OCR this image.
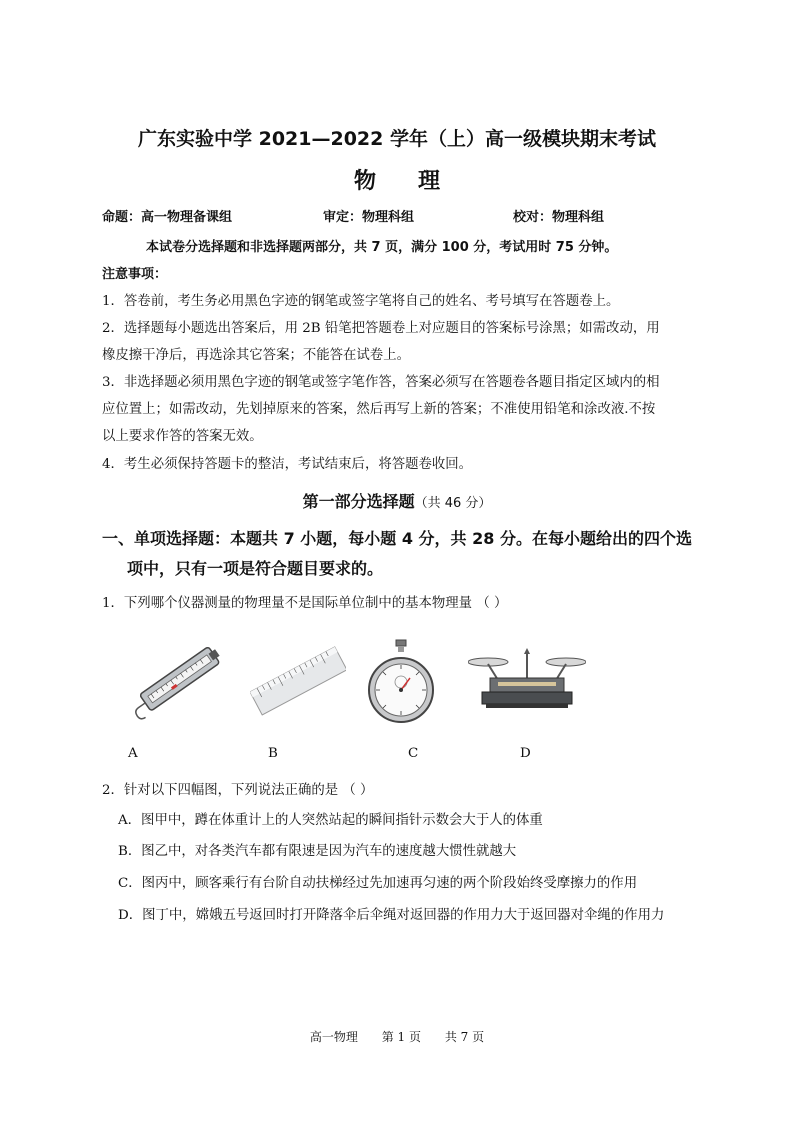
广东实验中学 2021—2022 学年（上）高一级模块期末考试
物理
命题：高一物理备课组	审定：物理科组	校对：物理科组
本试卷分选择题和非选择题两部分，共 7 页，满分 100 分，考试用时 75 分钟。
注意事项：
1．答卷前，考生务必用黑色字迹的钢笔或签字笔将自己的姓名、考号填写在答题卷上。
2．选择题每小题选出答案后，用 2B 铅笔把答题卷上对应题目的答案标号涂黑；如需改动，用
橡皮擦干净后，再选涂其它答案；不能答在试卷上。
3．非选择题必须用黑色字迹的钢笔或签字笔作答，答案必须写在答题卷各题目指定区域内的相
应位置上；如需改动，先划掉原来的答案，然后再写上新的答案；不准使用铅笔和涂改液.不按
以上要求作答的答案无效。
4．考生必须保持答题卡的整洁，考试结束后，将答题卷收回。
第一部分选择题（共 46 分）
一、单项选择题：本题共 7 小题，每小题 4 分，共 28 分。在每小题给出的四个选
项中，只有一项是符合题目要求的。
1．下列哪个仪器测量的物理量不是国际单位制中的基本物理量 （ ）
A	B	C	D
2．针对以下四幅图，下列说法正确的是 （ ）
A．图甲中，蹲在体重计上的人突然站起的瞬间指针示数会大于人的体重
B．图乙中，对各类汽车都有限速是因为汽车的速度越大惯性就越大
C．图丙中，顾客乘行有台阶自动扶梯经过先加速再匀速的两个阶段始终受摩擦力的作用
D．图丁中，嫦娥五号返回时打开降落伞后伞绳对返回器的作用力大于返回器对伞绳的作用力
高一物理 第 1 页 共 7 页
